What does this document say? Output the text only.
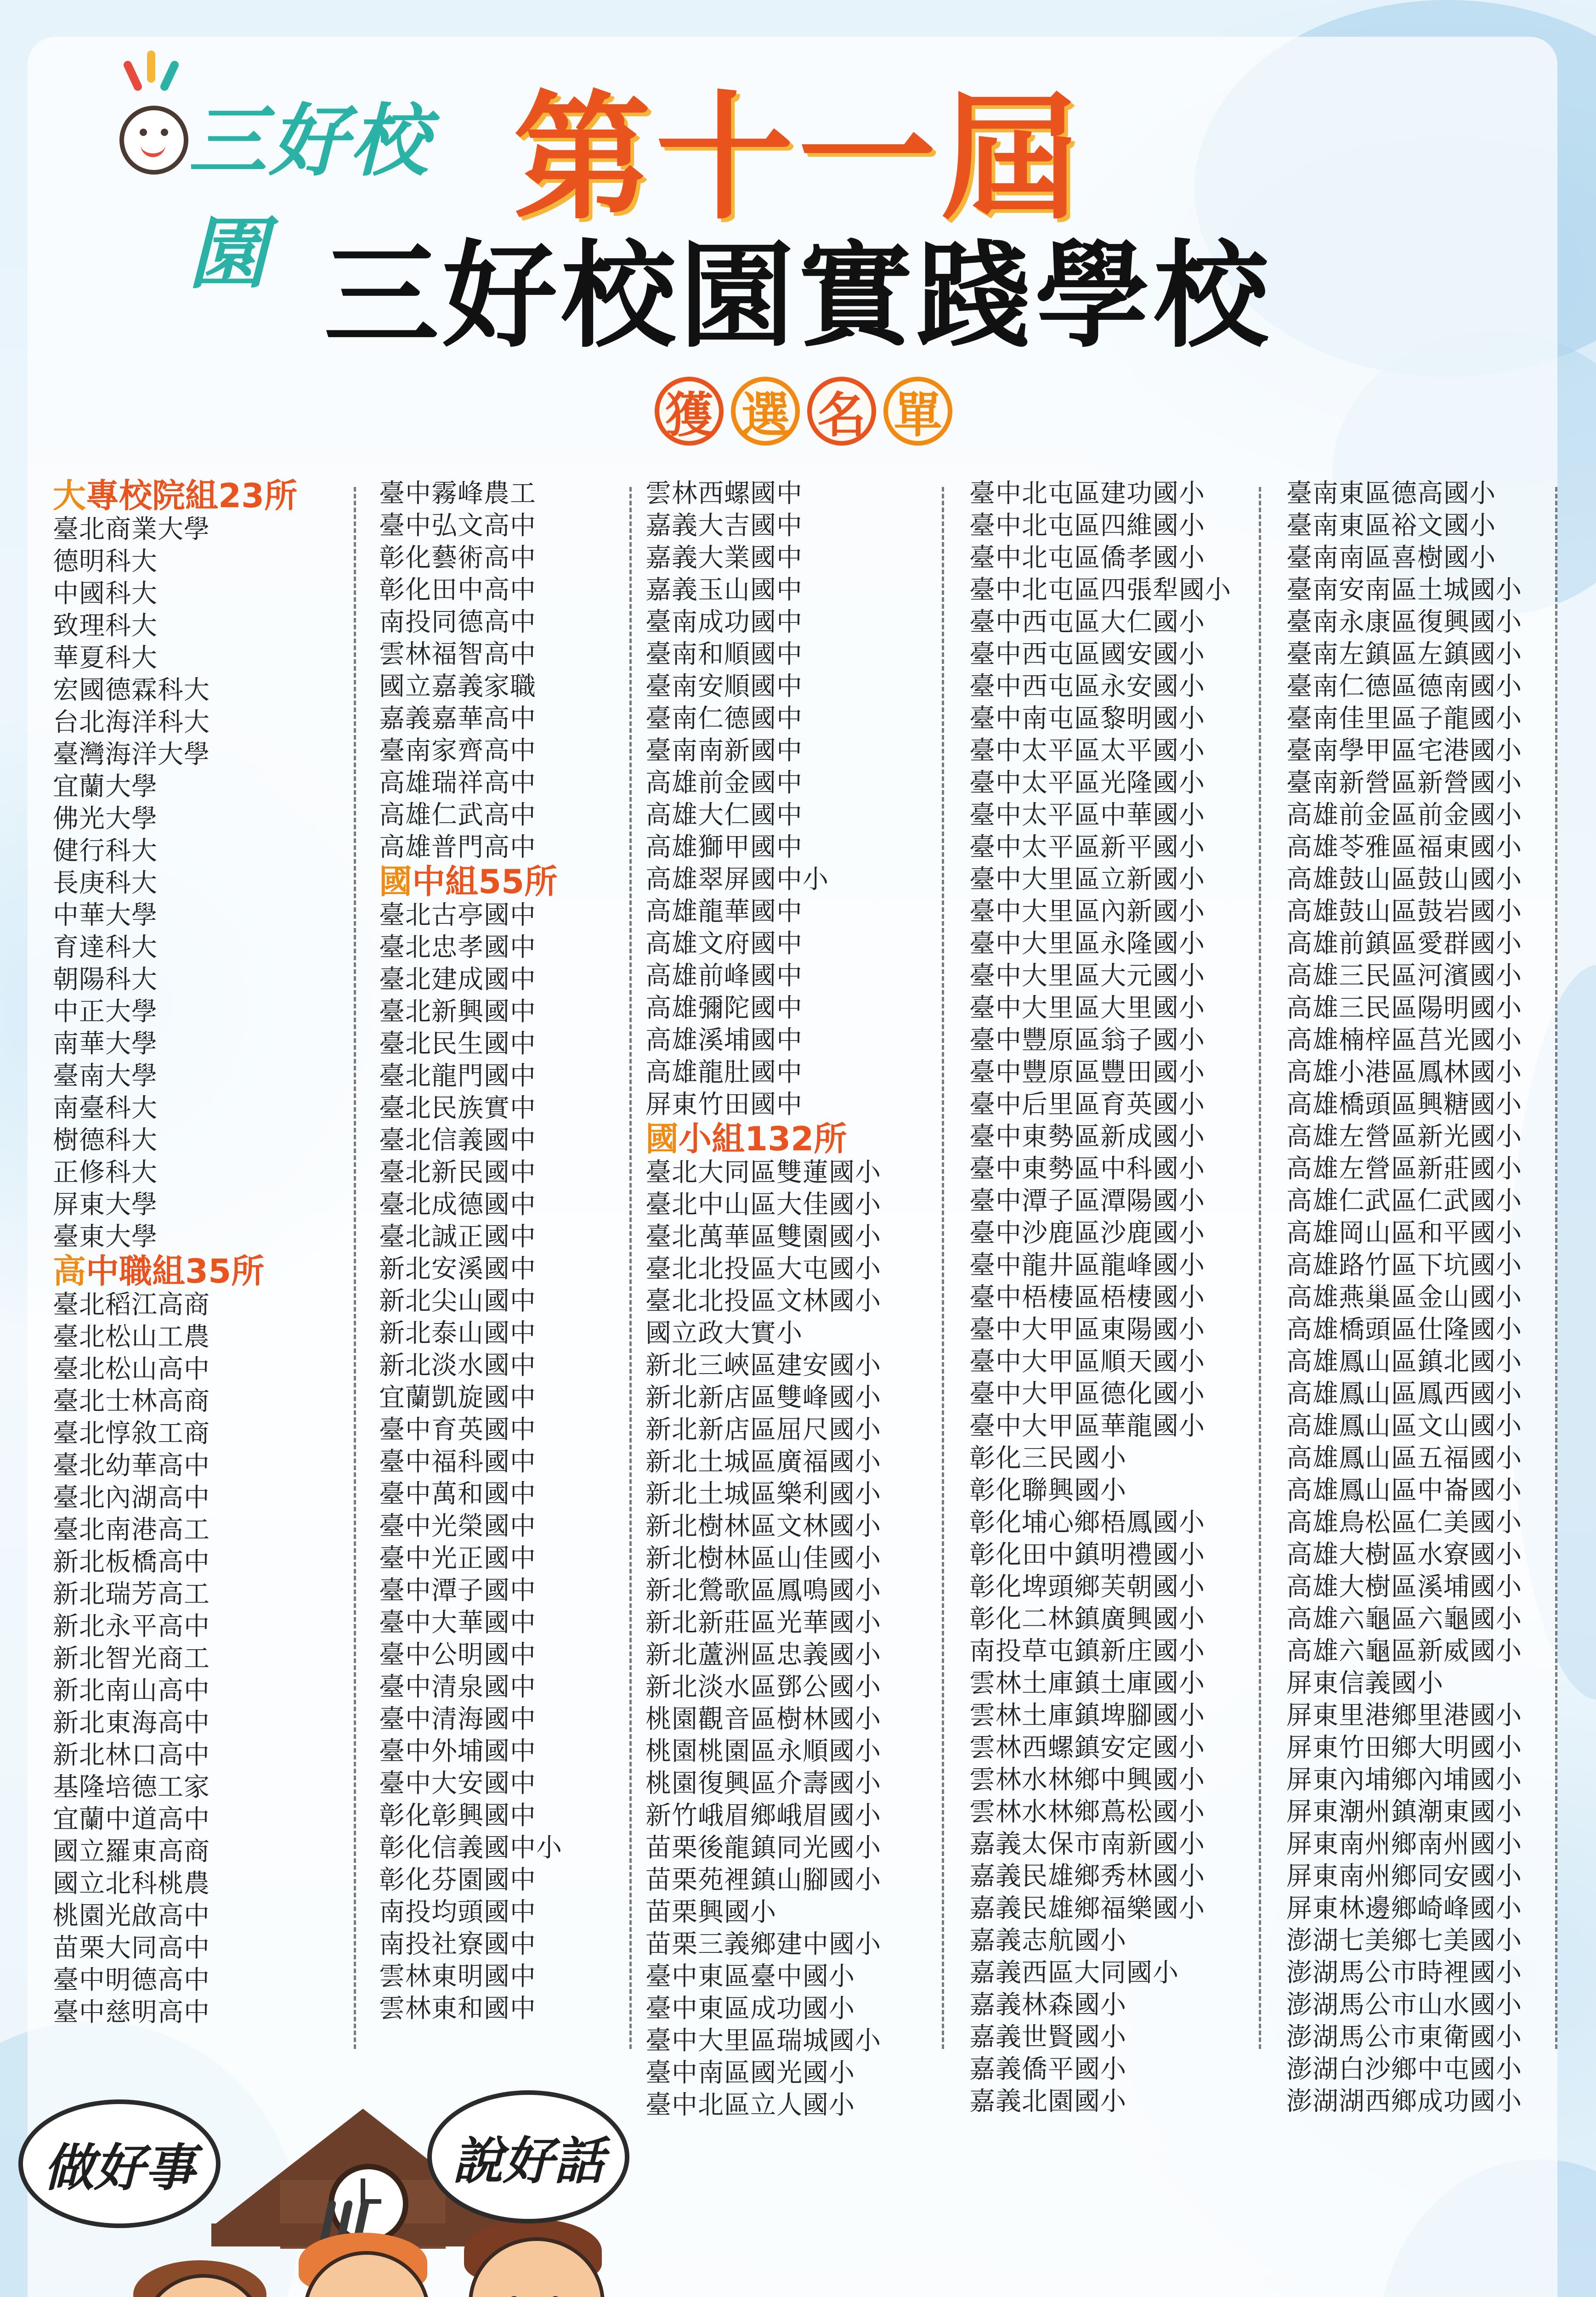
三好校園
第十一屆
三好校園實踐學校
獲 選 名 單
大專校院組23所
臺北商業大學
德明科大
中國科大
致理科大
華夏科大
宏國德霖科大
台北海洋科大
臺灣海洋大學
宜蘭大學
佛光大學
健行科大
長庚科大
中華大學
育達科大
朝陽科大
中正大學
南華大學
臺南大學
南臺科大
樹德科大
正修科大
屏東大學
臺東大學
高中職組35所
臺北稻江高商
臺北松山工農
臺北松山高中
臺北士林高商
臺北惇敘工商
臺北幼華高中
臺北內湖高中
臺北南港高工
新北板橋高中
新北瑞芳高工
新北永平高中
新北智光商工
新北南山高中
新北東海高中
新北林口高中
基隆培德工家
宜蘭中道高中
國立羅東高商
國立北科桃農
桃園光啟高中
苗栗大同高中
臺中明德高中
臺中慈明高中
臺中霧峰農工
臺中弘文高中
彰化藝術高中
彰化田中高中
南投同德高中
雲林福智高中
國立嘉義家職
嘉義嘉華高中
臺南家齊高中
高雄瑞祥高中
高雄仁武高中
高雄普門高中
國中組55所
臺北古亭國中
臺北忠孝國中
臺北建成國中
臺北新興國中
臺北民生國中
臺北龍門國中
臺北民族實中
臺北信義國中
臺北新民國中
臺北成德國中
臺北誠正國中
新北安溪國中
新北尖山國中
新北泰山國中
新北淡水國中
宜蘭凱旋國中
臺中育英國中
臺中福科國中
臺中萬和國中
臺中光榮國中
臺中光正國中
臺中潭子國中
臺中大華國中
臺中公明國中
臺中清泉國中
臺中清海國中
臺中外埔國中
臺中大安國中
彰化彰興國中
彰化信義國中小
彰化芬園國中
南投均頭國中
南投社寮國中
雲林東明國中
雲林東和國中
雲林西螺國中
嘉義大吉國中
嘉義大業國中
嘉義玉山國中
臺南成功國中
臺南和順國中
臺南安順國中
臺南仁德國中
臺南南新國中
高雄前金國中
高雄大仁國中
高雄獅甲國中
高雄翠屏國中小
高雄龍華國中
高雄文府國中
高雄前峰國中
高雄彌陀國中
高雄溪埔國中
高雄龍肚國中
屏東竹田國中
國小組132所
臺北大同區雙蓮國小
臺北中山區大佳國小
臺北萬華區雙園國小
臺北北投區大屯國小
臺北北投區文林國小
國立政大實小
新北三峽區建安國小
新北新店區雙峰國小
新北新店區屈尺國小
新北土城區廣福國小
新北土城區樂利國小
新北樹林區文林國小
新北樹林區山佳國小
新北鶯歌區鳳鳴國小
新北新莊區光華國小
新北蘆洲區忠義國小
新北淡水區鄧公國小
桃園觀音區樹林國小
桃園桃園區永順國小
桃園復興區介壽國小
新竹峨眉鄉峨眉國小
苗栗後龍鎮同光國小
苗栗苑裡鎮山腳國小
苗栗興國小
苗栗三義鄉建中國小
臺中東區臺中國小
臺中東區成功國小
臺中大里區瑞城國小
臺中南區國光國小
臺中北區立人國小
臺中北屯區建功國小
臺中北屯區四維國小
臺中北屯區僑孝國小
臺中北屯區四張犁國小
臺中西屯區大仁國小
臺中西屯區國安國小
臺中西屯區永安國小
臺中南屯區黎明國小
臺中太平區太平國小
臺中太平區光隆國小
臺中太平區中華國小
臺中太平區新平國小
臺中大里區立新國小
臺中大里區內新國小
臺中大里區永隆國小
臺中大里區大元國小
臺中大里區大里國小
臺中豐原區翁子國小
臺中豐原區豐田國小
臺中后里區育英國小
臺中東勢區新成國小
臺中東勢區中科國小
臺中潭子區潭陽國小
臺中沙鹿區沙鹿國小
臺中龍井區龍峰國小
臺中梧棲區梧棲國小
臺中大甲區東陽國小
臺中大甲區順天國小
臺中大甲區德化國小
臺中大甲區華龍國小
彰化三民國小
彰化聯興國小
彰化埔心鄉梧鳳國小
彰化田中鎮明禮國小
彰化埤頭鄉芙朝國小
彰化二林鎮廣興國小
南投草屯鎮新庄國小
雲林土庫鎮土庫國小
雲林土庫鎮埤腳國小
雲林西螺鎮安定國小
雲林水林鄉中興國小
雲林水林鄉蔦松國小
嘉義太保市南新國小
嘉義民雄鄉秀林國小
嘉義民雄鄉福樂國小
嘉義志航國小
嘉義西區大同國小
嘉義林森國小
嘉義世賢國小
嘉義僑平國小
嘉義北園國小
臺南東區德高國小
臺南東區裕文國小
臺南南區喜樹國小
臺南安南區土城國小
臺南永康區復興國小
臺南左鎮區左鎮國小
臺南仁德區德南國小
臺南佳里區子龍國小
臺南學甲區宅港國小
臺南新營區新營國小
高雄前金區前金國小
高雄苓雅區福東國小
高雄鼓山區鼓山國小
高雄鼓山區鼓岩國小
高雄前鎮區愛群國小
高雄三民區河濱國小
高雄三民區陽明國小
高雄楠梓區莒光國小
高雄小港區鳳林國小
高雄橋頭區興糖國小
高雄左營區新光國小
高雄左營區新莊國小
高雄仁武區仁武國小
高雄岡山區和平國小
高雄路竹區下坑國小
高雄燕巢區金山國小
高雄橋頭區仕隆國小
高雄鳳山區鎮北國小
高雄鳳山區鳳西國小
高雄鳳山區文山國小
高雄鳳山區五福國小
高雄鳳山區中崙國小
高雄鳥松區仁美國小
高雄大樹區水寮國小
高雄大樹區溪埔國小
高雄六龜區六龜國小
高雄六龜區新威國小
屏東信義國小
屏東里港鄉里港國小
屏東竹田鄉大明國小
屏東內埔鄉內埔國小
屏東潮州鎮潮東國小
屏東南州鄉南州國小
屏東南州鄉同安國小
屏東林邊鄉崎峰國小
澎湖七美鄉七美國小
澎湖馬公市時裡國小
澎湖馬公市山水國小
澎湖馬公市東衛國小
澎湖白沙鄉中屯國小
澎湖湖西鄉成功國小
做好事	說好話
